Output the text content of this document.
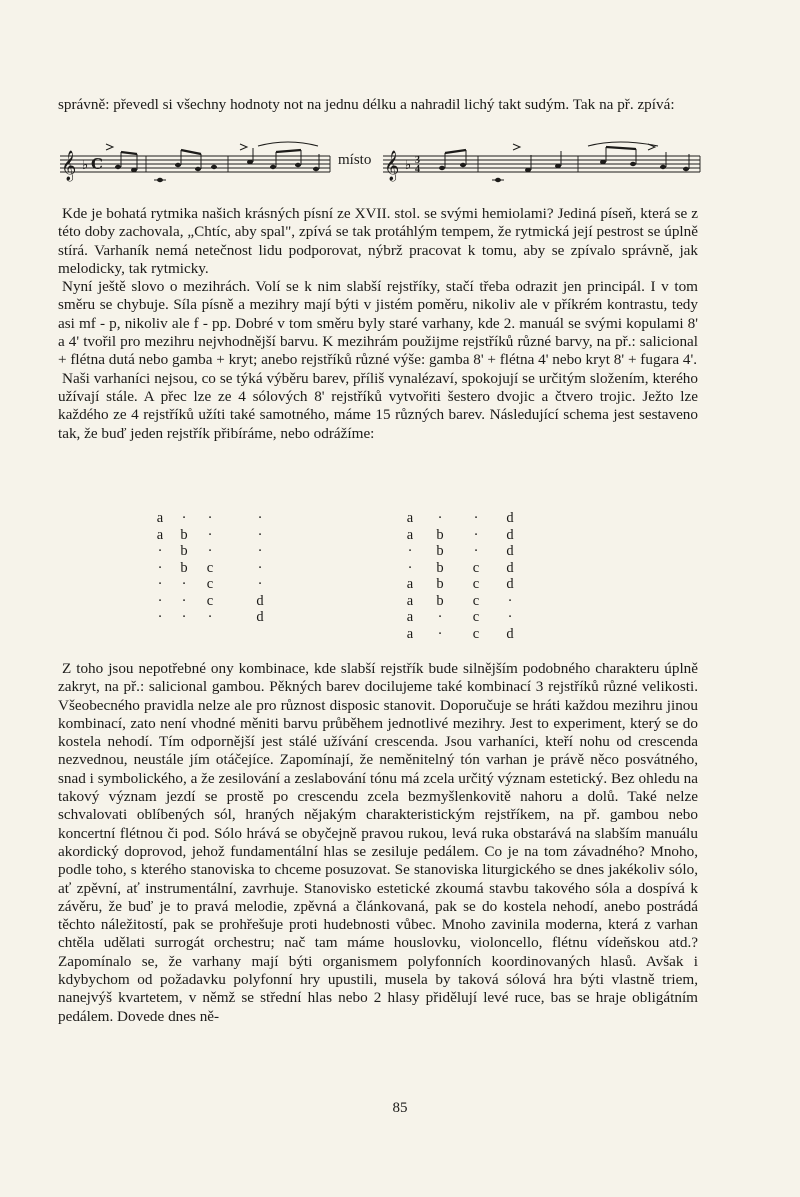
správně: převedl si všechny hodnoty not na jednu délku a nahradil lichý takt sudým. Tak na př. zpívá:

𝄞 ♭ C	𝄞 ♭ 3
4
místo

Kde je bohatá rytmika našich krásných písní ze XVII. stol. se svými hemiolami? Jediná píseň, která se z této doby zachovala, „Chtíc, aby spal", zpívá se tak protáhlým tempem, že rytmická její pestrost se úplně stírá. Varhaník nemá netečnost lidu podporovat, nýbrž pracovat k tomu, aby se zpívalo správně, jak melodicky, tak rytmicky.

Nyní ještě slovo o mezihrách. Volí se k nim slabší rejstříky, stačí třeba odrazit jen principál. I v tom směru se chybuje. Síla písně a mezihry mají býti v jistém poměru, nikoliv ale v příkrém kontrastu, tedy asi mf - p, nikoliv ale f - pp. Dobré v tom směru byly staré varhany, kde 2. manuál se svými kopulami 8' a 4' tvořil pro mezihru nejvhodnější barvu. K mezihrám použijme rejstříků různé barvy, na př.: salicional + flétna dutá nebo gamba + kryt; anebo rejstříků různé výše: gamba 8' + flétna 4' nebo kryt 8' + fugara 4'.

Naši varhaníci nejsou, co se týká výběru barev, příliš vynalézaví, spokojují se určitým složením, kterého užívají stále. A přec lze ze 4 sólových 8' rejstříků vytvořiti šestero dvojic a čtvero trojic. Ježto lze každého ze 4 rejstříků užíti také samotného, máme 15 různých barev. Následující schema jest sestaveno tak, že buď jeden rejstřík přibíráme, nebo odrážíme:

a	·	·	·
a	b	·	·
·	b	·	·
·	b	c	·
·	·	c	·
·	·	c	d
·	·	·	d
a	·	·	d
a	b	·	d
·	b	·	d
·	b	c	d
a	b	c	d
a	b	c	·
a	·	c	·
a	·	c	d

Z toho jsou nepotřebné ony kombinace, kde slabší rejstřík bude silnějším podobného charakteru úplně zakryt, na př.: salicional gambou. Pěkných barev docilujeme také kombinací 3 rejstříků různé velikosti. Všeobecného pravidla nelze ale pro různost disposic stanovit. Doporučuje se hráti každou mezihru jinou kombinací, zato není vhodné měniti barvu průběhem jednotlivé mezihry. Jest to experiment, který se do kostela nehodí. Tím odpornější jest stálé užívání crescenda. Jsou varhaníci, kteří nohu od crescenda nezvednou, neustále jím otáčejíce. Zapomínají, že neměnitelný tón varhan je právě něco posvátného, snad i symbolického, a že zesilování a zeslabování tónu má zcela určitý význam estetický. Bez ohledu na takový význam jezdí se prostě po crescendu zcela bezmyšlenkovitě nahoru a dolů. Také nelze schvalovati oblíbených sól, hraných nějakým charakteristickým rejstříkem, na př. gambou nebo koncertní flétnou či pod. Sólo hrává se obyčejně pravou rukou, levá ruka obstarává na slabším manuálu akordický doprovod, jehož fundamentální hlas se zesiluje pedálem. Co je na tom závadného? Mnoho, podle toho, s kterého stanoviska to chceme posuzovat. Se stanoviska liturgického se dnes jakékoliv sólo, ať zpěvní, ať instrumentální, zavrhuje. Stanovisko estetické zkoumá stavbu takového sóla a dospívá k závěru, že buď je to pravá melodie, zpěvná a článkovaná, pak se do kostela nehodí, anebo postrádá těchto náležitostí, pak se prohřešuje proti hudebnosti vůbec. Mnoho zavinila moderna, která z varhan chtěla udělati surrogát orchestru; nač tam máme houslovku, violoncello, flétnu vídeňskou atd.? Zapomínalo se, že varhany mají býti organismem polyfonních koordinovaných hlasů. Avšak i kdybychom od požadavku polyfonní hry upustili, musela by taková sólová hra býti vlastně triem, nanejvýš kvartetem, v němž se střední hlas nebo 2 hlasy přidělují levé ruce, bas se hraje obligátním pedálem. Dovede dnes ně-

85
